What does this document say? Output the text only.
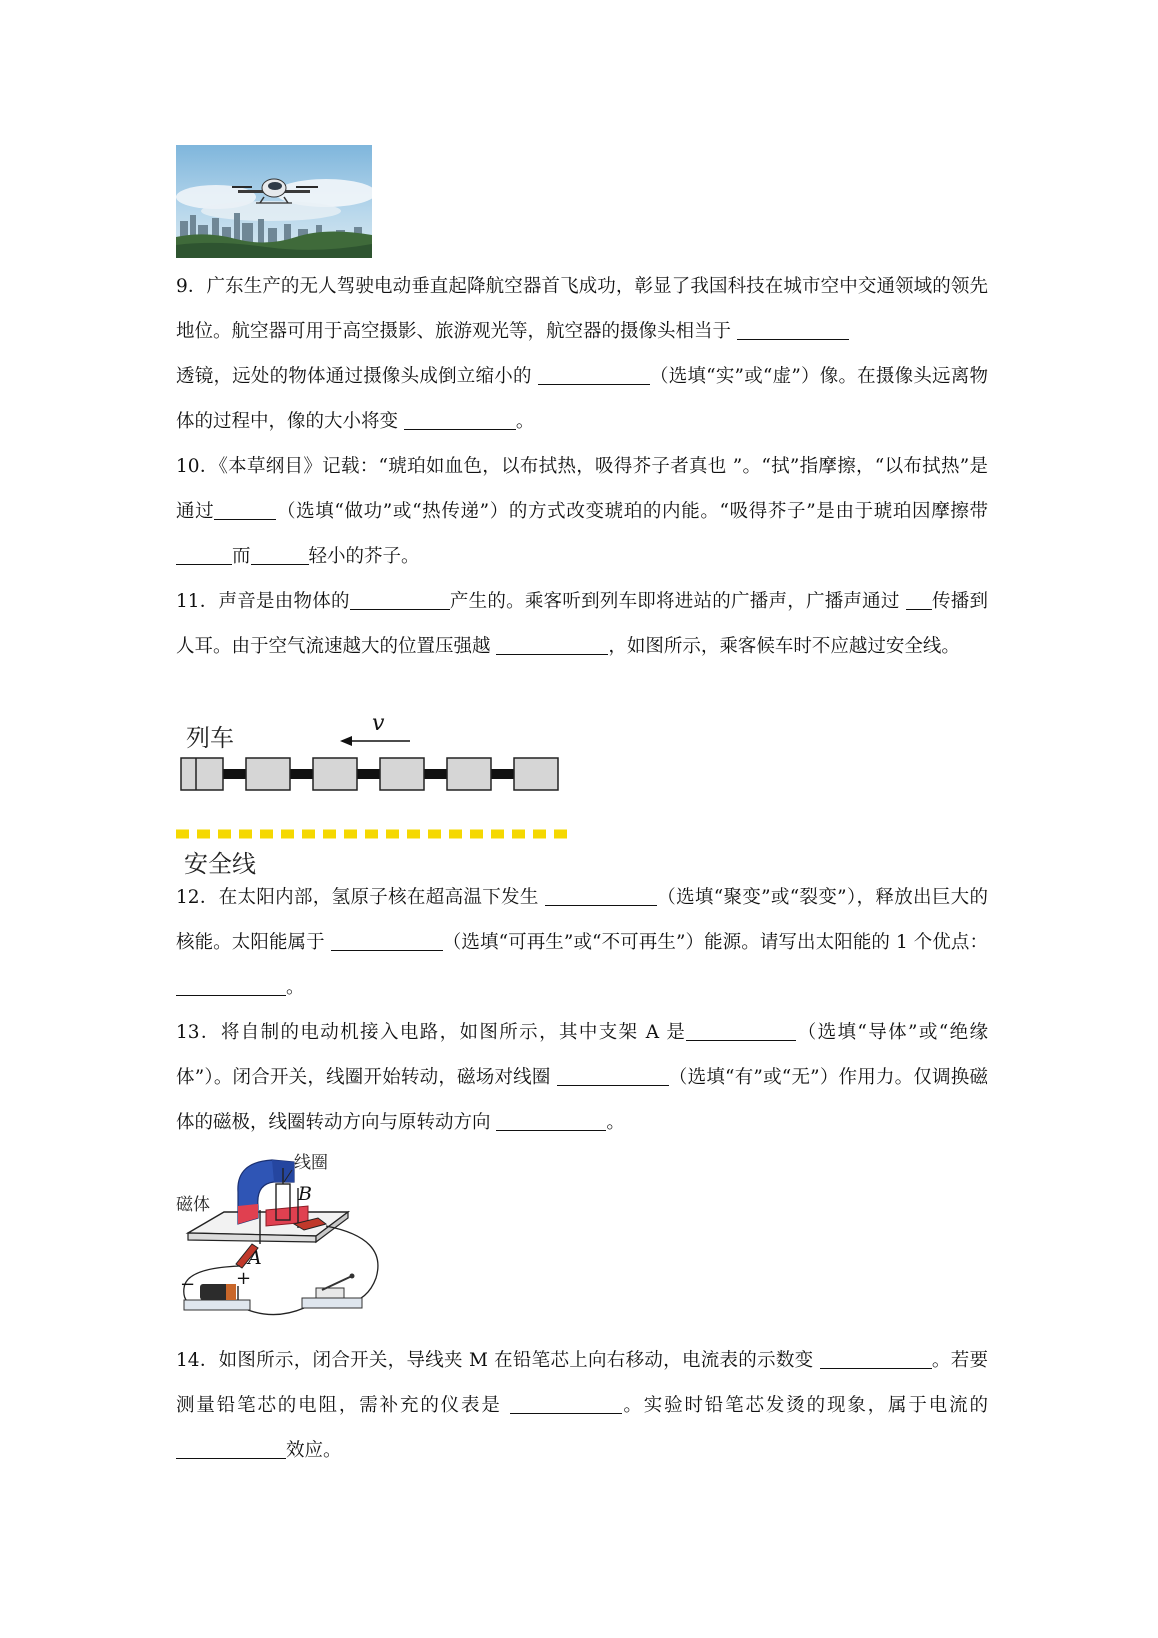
9．广东生产的无人驾驶电动垂直起降航空器首飞成功，彰显了我国科技在城市空中交通领域的领先地位。航空器可用于高空摄影、旅游观光等，航空器的摄像头相当于
透镜，远处的物体通过摄像头成倒立缩小的	（选填“实”或“虚”）像。在摄像头远离物体的过程中，像的大小将变	。
10．《本草纲目》记载：“琥珀如血色，以布拭热，吸得芥子者真也 ”。“拭”指摩擦，“以布拭热”是通过	（选填“做功”或“热传递”）的方式改变琥珀的内能。“吸得芥子”是由于琥珀因摩擦带 而	轻小的芥子。
11．声音是由物体的	产生的。乘客听到列车即将进站的广播声，广播声通过 传播到人耳。由于空气流速越大的位置压强越	，如图所示，乘客候车时不应越过安全线。
列车
v
安全线
12．在太阳内部，氢原子核在超高温下发生	（选填“聚变”或“裂变”），释放出巨大的核能。太阳能属于	（选填“可再生”或“不可再生”）能源。请写出太阳能的 1 个优点：。
13．将自制的电动机接入电路，如图所示，其中支架 A 是	（选填“导体”或“绝缘体”）。闭合开关，线圈开始转动，磁场对线圈	（选填“有”或“无”）作用力。仅调换磁体的磁极，线圈转动方向与原转动方向	。
线圈
磁体	B
A
− +
14．如图所示，闭合开关，导线夹 M 在铅笔芯上向右移动，电流表的示数变	。若要测量铅笔芯的电阻，需补充的仪表是	。实验时铅笔芯发烫的现象，属于电流的效应。
